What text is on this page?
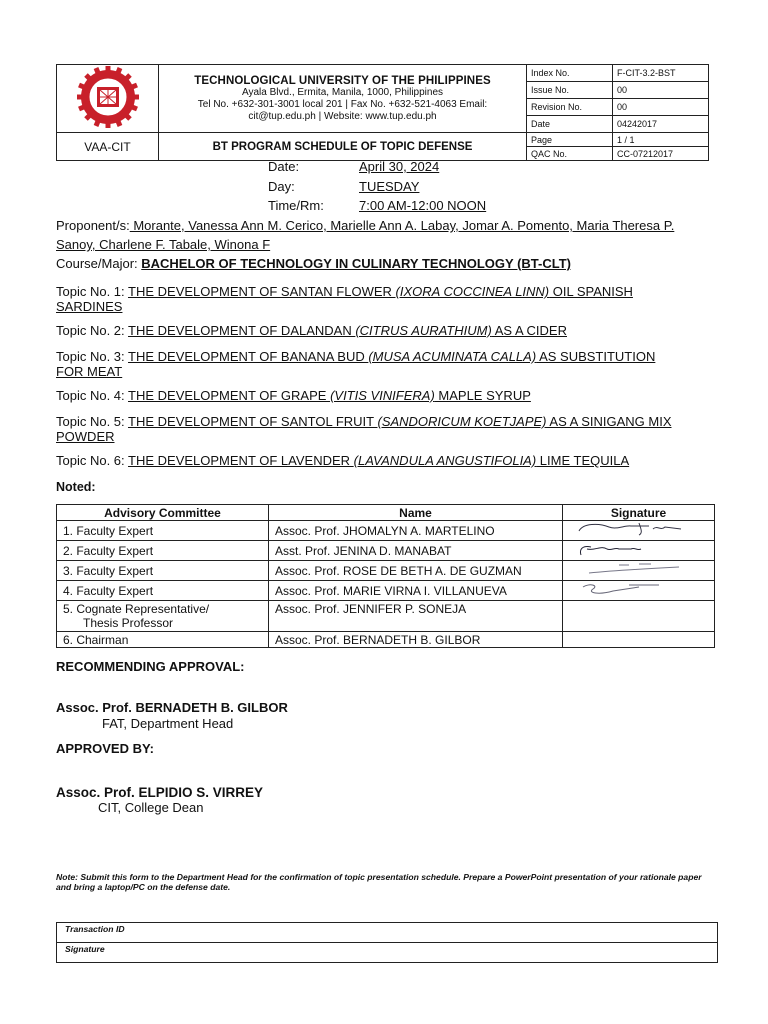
TECHNOLOGICAL UNIVERSITY OF THE PHILIPPINES
Ayala Blvd., Ermita, Manila, 1000, Philippines
Tel No. +632-301-3001 local 201 | Fax No. +632-521-4063 Email:
cit@tup.edu.ph | Website: www.tup.edu.ph	Index No.	F-CIT-3.2-BST
		Issue No.	00
		Revision No.	00
		Date	04242017
VAA-CIT	BT PROGRAM SCHEDULE OF TOPIC DEFENSE	Page	1 / 1
		QAC No.	CC-07212017
Date:	April 30, 2024
Day:	TUESDAY
Time/Rm:	7:00 AM-12:00 NOON
Proponent/s: Morante, Vanessa Ann M. Cerico, Marielle Ann A. Labay, Jomar A. Pomento, Maria Theresa P.
Sanoy, Charlene F. Tabale, Winona F
Course/Major: BACHELOR OF TECHNOLOGY IN CULINARY TECHNOLOGY (BT-CLT)
Topic No. 1: THE DEVELOPMENT OF SANTAN FLOWER (IXORA COCCINEA LINN) OIL SPANISH
SARDINES
Topic No. 2: THE DEVELOPMENT OF DALANDAN (CITRUS AURATHIUM) AS A CIDER
Topic No. 3: THE DEVELOPMENT OF BANANA BUD (MUSA ACUMINATA CALLA) AS SUBSTITUTION
FOR MEAT
Topic No. 4: THE DEVELOPMENT OF GRAPE (VITIS VINIFERA) MAPLE SYRUP
Topic No. 5: THE DEVELOPMENT OF SANTOL FRUIT (SANDORICUM KOETJAPE) AS A SINIGANG MIX
POWDER
Topic No. 6: THE DEVELOPMENT OF LAVENDER (LAVANDULA ANGUSTIFOLIA) LIME TEQUILA
Noted:
Advisory Committee	Name	Signature
1. Faculty Expert	Assoc. Prof. JHOMALYN A. MARTELINO	
2. Faculty Expert	Asst. Prof. JENINA D. MANABAT	
3. Faculty Expert	Assoc. Prof. ROSE DE BETH A. DE GUZMAN	
4. Faculty Expert	Assoc. Prof. MARIE VIRNA I. VILLANUEVA	

5. Cognate Representative/
Thesis Professor	Assoc. Prof. JENNIFER P. SONEJA	
6. Chairman	Assoc. Prof. BERNADETH B. GILBOR	
RECOMMENDING APPROVAL:
Assoc. Prof. BERNADETH B. GILBOR
FAT, Department Head
APPROVED BY:
Assoc. Prof. ELPIDIO S. VIRREY
CIT, College Dean
Note: Submit this form to the Department Head for the confirmation of topic presentation schedule. Prepare a PowerPoint presentation of your rationale paper and bring a laptop/PC on the defense date.
Transaction ID
Signature
